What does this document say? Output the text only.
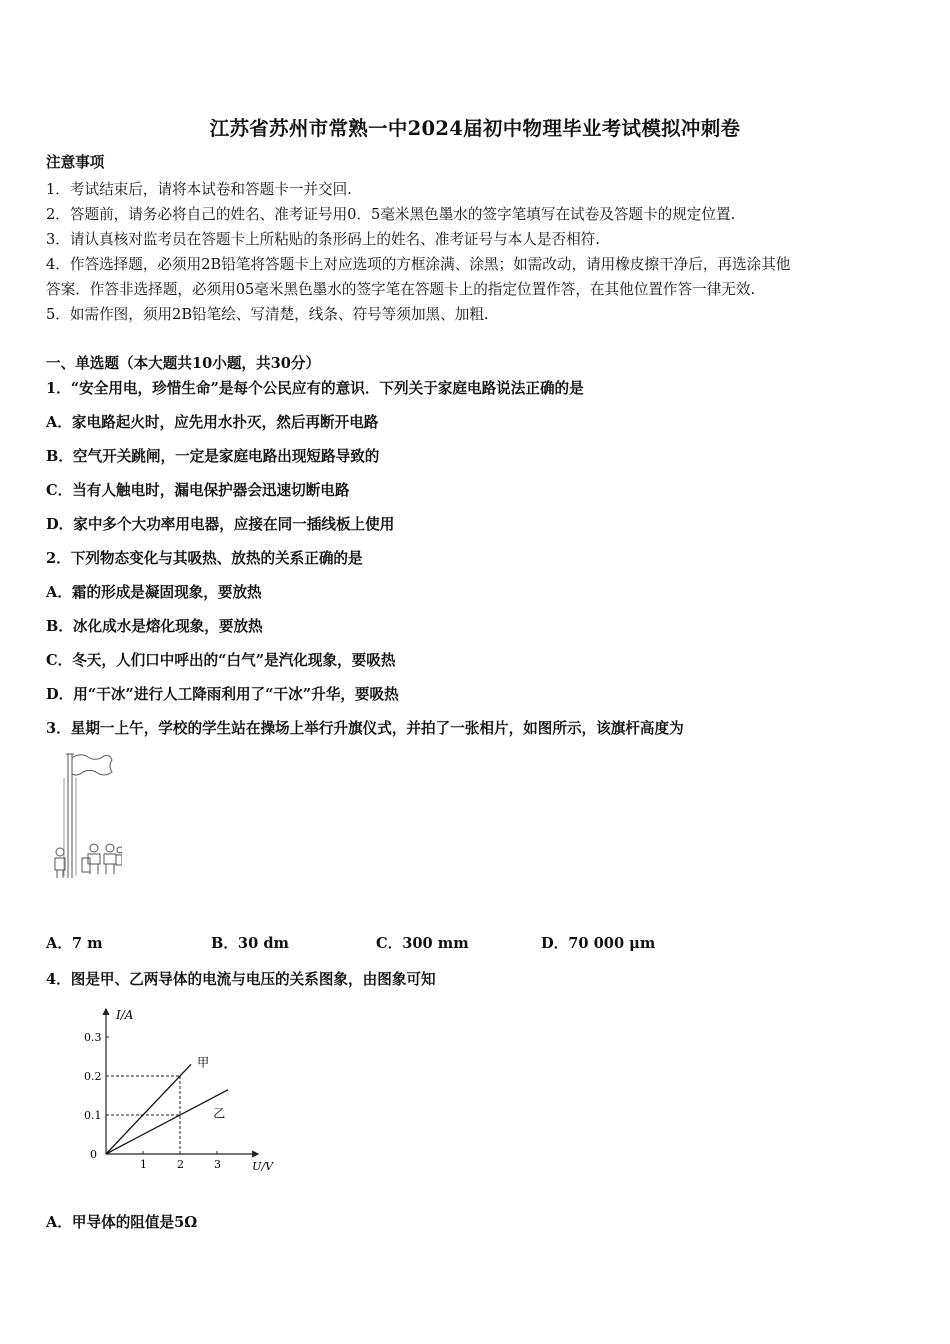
江苏省苏州市常熟一中2024届初中物理毕业考试模拟冲刺卷
注意事项
1．考试结束后，请将本试卷和答题卡一并交回.
2．答题前，请务必将自己的姓名、准考证号用0．5毫米黑色墨水的签字笔填写在试卷及答题卡的规定位置.
3．请认真核对监考员在答题卡上所粘贴的条形码上的姓名、准考证号与本人是否相符.
4．作答选择题，必须用2B铅笔将答题卡上对应选项的方框涂满、涂黑；如需改动，请用橡皮擦干净后，再选涂其他
答案．作答非选择题，必须用05毫米黑色墨水的签字笔在答题卡上的指定位置作答，在其他位置作答一律无效.
5．如需作图，须用2B铅笔绘、写清楚，线条、符号等须加黑、加粗.
一、单选题（本大题共10小题，共30分）
1．“安全用电，珍惜生命”是每个公民应有的意识．下列关于家庭电路说法正确的是
A．家电路起火时，应先用水扑灭，然后再断开电路
B．空气开关跳闸，一定是家庭电路出现短路导致的
C．当有人触电时，漏电保护器会迅速切断电路
D．家中多个大功率用电器，应接在同一插线板上使用
2．下列物态变化与其吸热、放热的关系正确的是
A．霜的形成是凝固现象，要放热
B．冰化成水是熔化现象，要放热
C．冬天，人们口中呼出的“白气”是汽化现象，要吸热
D．用“干冰”进行人工降雨利用了“干冰”升华，要吸热
3．星期一上午，学校的学生站在操场上举行升旗仪式，并拍了一张相片，如图所示，该旗杆高度为
A．7 m	B．30 dm	C．300 mm	D．70 000 μm
4．图是甲、乙两导体的电流与电压的关系图象，由图象可知
I/A
U/V
0
1	2	3
0.1
0.2
0.3
甲
乙
A．甲导体的阻值是5Ω
